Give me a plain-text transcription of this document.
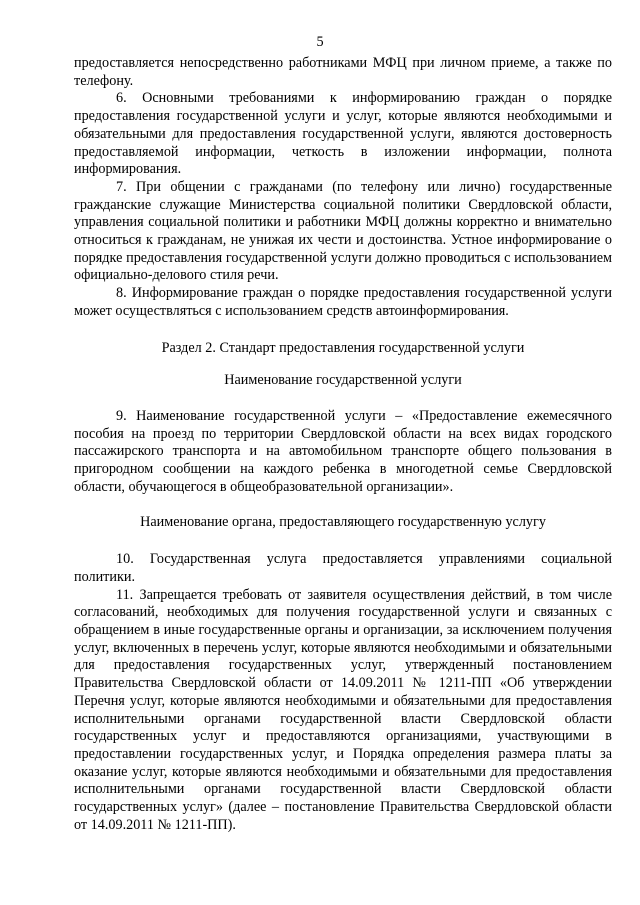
5

предоставляется непосредственно работниками МФЦ при личном приеме, а также по телефону.

6. Основными требованиями к информированию граждан о порядке предоставления государственной услуги и услуг, которые являются необходимыми и обязательными для предоставления государственной услуги, являются достоверность предоставляемой информации, четкость в изложении информации, полнота информирования.

7. При общении с гражданами (по телефону или лично) государственные гражданские служащие Министерства социальной политики Свердловской области, управления социальной политики и работники МФЦ должны корректно и внимательно относиться к гражданам, не унижая их чести и достоинства. Устное информирование о порядке предоставления государственной услуги должно проводиться с использованием официально-делового стиля речи.

8. Информирование граждан о порядке предоставления государственной услуги может осуществляться с использованием средств автоинформирования.

Раздел 2. Стандарт предоставления государственной услуги

Наименование государственной услуги

9. Наименование государственной услуги – «Предоставление ежемесячного пособия на проезд по территории Свердловской области на всех видах городского пассажирского транспорта и на автомобильном транспорте общего пользования в пригородном сообщении на каждого ребенка в многодетной семье Свердловской области, обучающегося в общеобразовательной организации».

Наименование органа, предоставляющего государственную услугу

10. Государственная услуга предоставляется управлениями социальной политики.

11. Запрещается требовать от заявителя осуществления действий, в том числе согласований, необходимых для получения государственной услуги и связанных с обращением в иные государственные органы и организации, за исключением получения услуг, включенных в перечень услуг, которые являются необходимыми и обязательными для предоставления государственных услуг, утвержденный постановлением Правительства Свердловской области от 14.09.2011 № 1211-ПП «Об утверждении Перечня услуг, которые являются необходимыми и обязательными для предоставления исполнительными органами государственной власти Свердловской области государственных услуг и предоставляются организациями, участвующими в предоставлении государственных услуг, и Порядка определения размера платы за оказание услуг, которые являются необходимыми и обязательными для предоставления исполнительными органами государственной власти Свердловской области государственных услуг» (далее – постановление Правительства Свердловской области от 14.09.2011 № 1211-ПП).
